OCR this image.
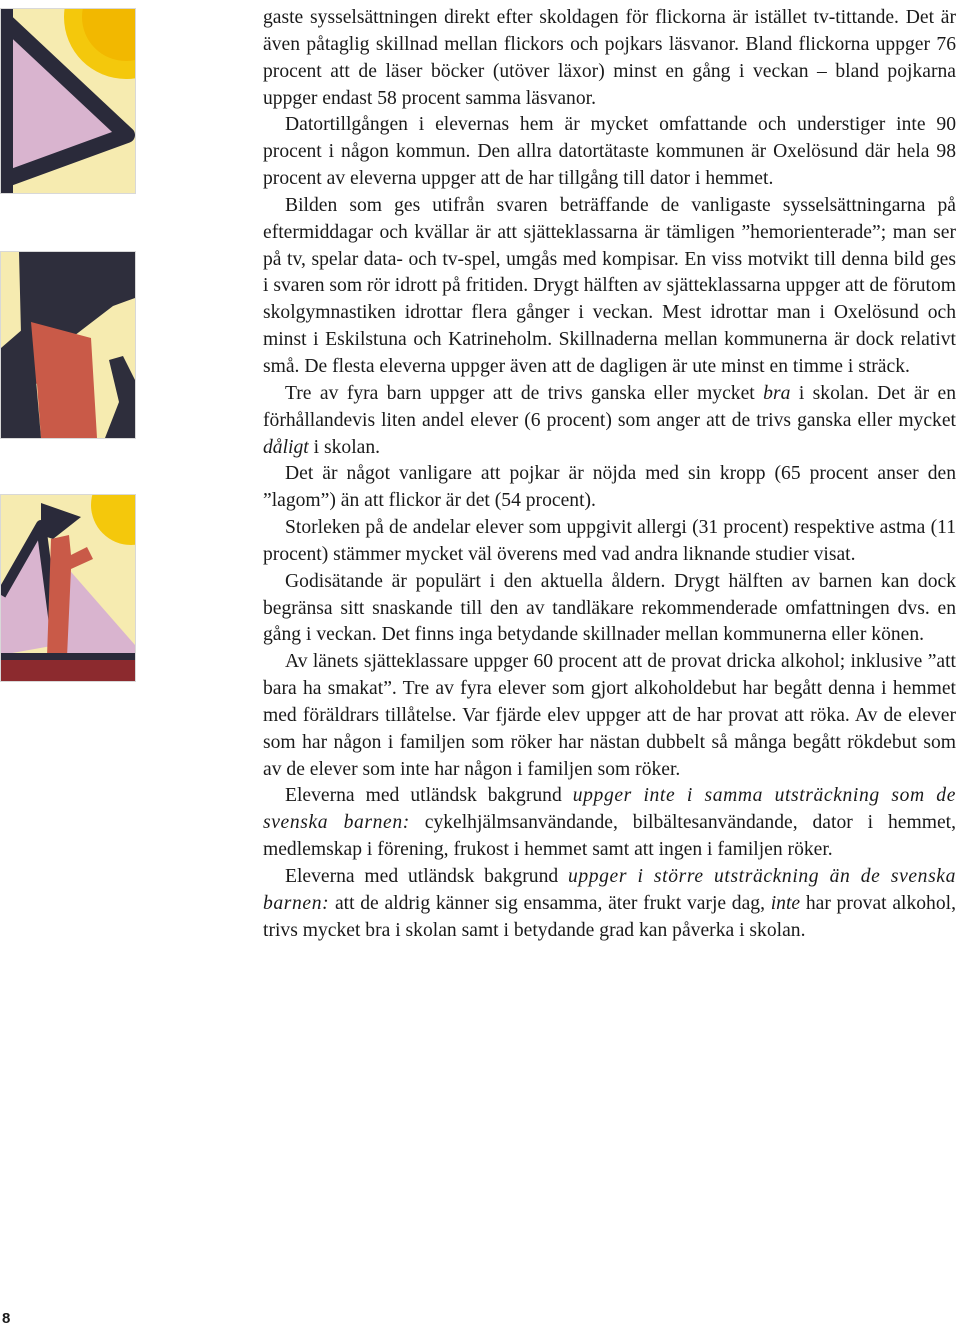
gaste sysselsättningen direkt efter skoldagen för flickorna är istället tv-tittande. Det är även påtaglig skillnad mellan flickors och pojkars läsvanor. Bland flickorna uppger 76 procent att de läser böcker (utöver läxor) minst en gång i veckan – bland pojkarna uppger endast 58 procent samma läsvanor.

Datortillgången i elevernas hem är mycket omfattande och understiger inte 90 procent i någon kommun. Den allra datortätaste kommunen är Oxelösund där hela 98 procent av eleverna uppger att de har tillgång till dator i hemmet.

Bilden som ges utifrån svaren beträffande de vanligaste sysselsättningarna på eftermiddagar och kvällar är att sjätteklassarna är tämligen ”hemorienterade”; man ser på tv, spelar data- och tv-spel, umgås med kompisar. En viss motvikt till denna bild ges i svaren som rör idrott på fritiden. Drygt hälften av sjätteklassarna uppger att de förutom skolgymnastiken idrottar flera gånger i veckan. Mest idrottar man i Oxelösund och minst i Eskilstuna och Katrineholm. Skillnaderna mellan kommunerna är dock relativt små. De flesta eleverna uppger även att de dagligen är ute minst en timme i sträck.

Tre av fyra barn uppger att de trivs ganska eller mycket bra i skolan. Det är en förhållandevis liten andel elever (6 procent) som anger att de trivs ganska eller mycket dåligt i skolan.

Det är något vanligare att pojkar är nöjda med sin kropp (65 procent anser den ”lagom”) än att flickor är det (54 procent).

Storleken på de andelar elever som uppgivit allergi (31 procent) respektive astma (11 procent) stämmer mycket väl överens med vad andra liknande studier visat.

Godisätande är populärt i den aktuella åldern. Drygt hälften av barnen kan dock begränsa sitt snaskande till den av tandläkare rekommenderade omfattningen dvs. en gång i veckan. Det finns inga betydande skillnader mellan kommunerna eller könen.

Av länets sjätteklassare uppger 60 procent att de provat dricka alkohol; inklusive ”att bara ha smakat”. Tre av fyra elever som gjort alkoholdebut har begått denna i hemmet med föräldrars tillåtelse. Var fjärde elev uppger att de har provat att röka. Av de elever som har någon i familjen som röker har nästan dubbelt så många begått rökdebut som av de elever som inte har någon i familjen som röker.

Eleverna med utländsk bakgrund uppger inte i samma utsträckning som de svenska barnen: cykelhjälmsanvändande, bilbältesanvändande, dator i hemmet, medlemskap i förening, frukost i hemmet samt att ingen i familjen röker.

Eleverna med utländsk bakgrund uppger i större utsträckning än de svenska barnen: att de aldrig känner sig ensamma, äter frukt varje dag, inte har provat alkohol, trivs mycket bra i skolan samt i betydande grad kan påverka i skolan.

8
